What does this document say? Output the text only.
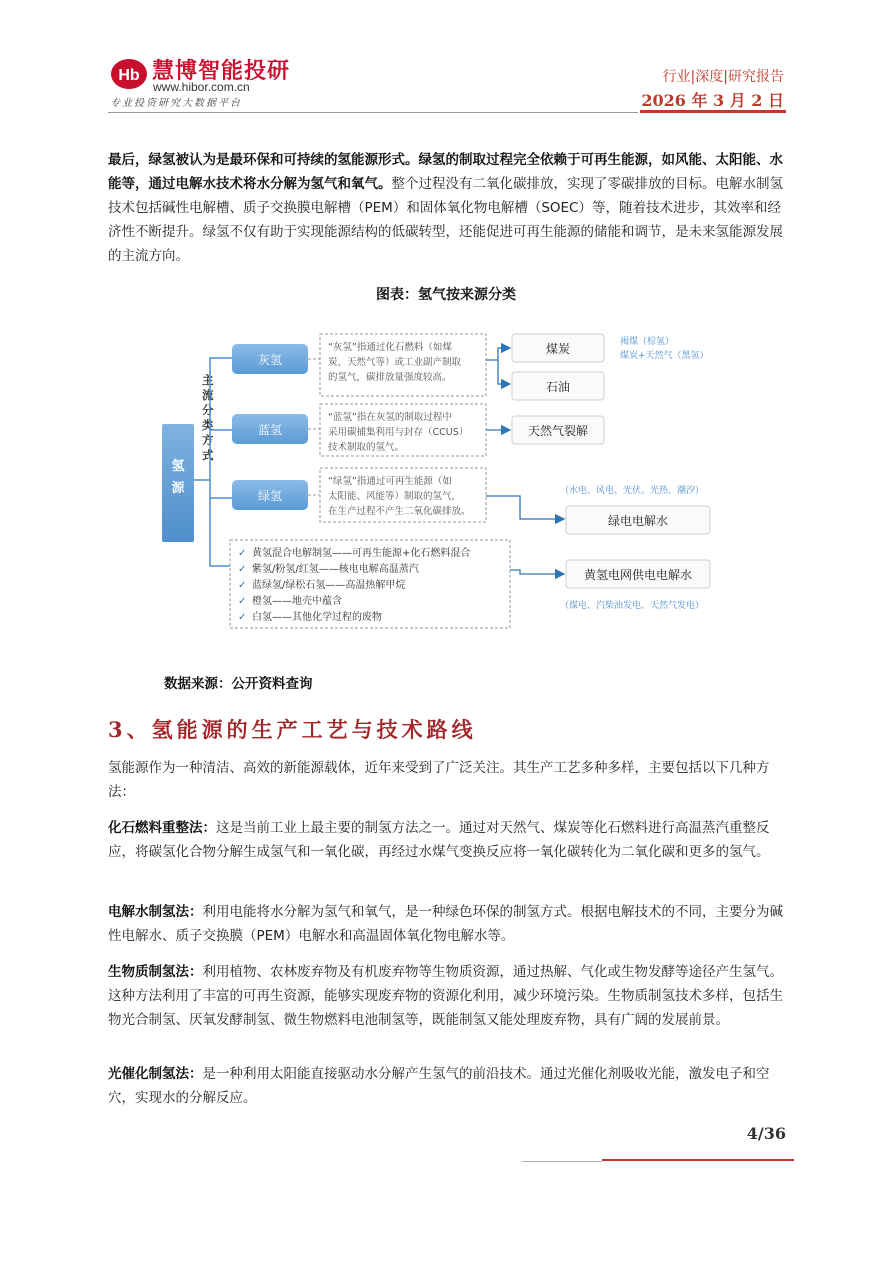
Hb 慧博智能投研
www.hibor.com.cn
专业投资研究大数据平台
行业|深度|研究报告
2026 年 3 月 2 日
最后，绿氢被认为是最环保和可持续的氢能源形式。绿氢的制取过程完全依赖于可再生能源，如风能、太阳能、水能等，通过电解水技术将水分解为氢气和氧气。整个过程没有二氧化碳排放，实现了零碳排放的目标。电解水制氢技术包括碱性电解槽、质子交换膜电解槽（PEM）和固体氧化物电解槽（SOEC）等，随着技术进步，其效率和经济性不断提升。绿氢不仅有助于实现能源结构的低碳转型，还能促进可再生能源的储能和调节，是未来氢能源发展的主流方向。
图表：氢气按来源分类
氢源
主流分类方式
灰氢
蓝氢
绿氢
“灰氢”指通过化石燃料（如煤炭、天然气等）或工业副产制取的氢气，碳排放量强度较高。
“蓝氢”指在灰氢的制取过程中采用碳捕集利用与封存（CCUS）技术制取的氢气。
“绿氢”指通过可再生能源（如太阳能、风能等）制取的氢气，在生产过程不产生二氧化碳排放。
煤炭
石油
天然气裂解
绿电电解水
黄氢电网供电电解水
褐煤（棕氢）
煤炭+天然气（黑氢）
（水电、风电、光伏、光热、潮汐）
（煤电、汽柴油发电、天然气发电）
✓ 黄氢混合电解制氢——可再生能源+化石燃料混合
✓ 紫氢/粉氢/红氢——核电电解高温蒸汽
✓ 蓝绿氢/绿松石氢——高温热解甲烷
✓ 橙氢——地壳中蕴含
✓ 白氢——其他化学过程的废物
数据来源：公开资料查询
3、氢能源的生产工艺与技术路线
氢能源作为一种清洁、高效的新能源载体，近年来受到了广泛关注。其生产工艺多种多样，主要包括以下几种方法：
化石燃料重整法：这是当前工业上最主要的制氢方法之一。通过对天然气、煤炭等化石燃料进行高温蒸汽重整反应，将碳氢化合物分解生成氢气和一氧化碳，再经过水煤气变换反应将一氧化碳转化为二氧化碳和更多的氢气。
电解水制氢法：利用电能将水分解为氢气和氧气，是一种绿色环保的制氢方式。根据电解技术的不同，主要分为碱性电解水、质子交换膜（PEM）电解水和高温固体氧化物电解水等。
生物质制氢法：利用植物、农林废弃物及有机废弃物等生物质资源，通过热解、气化或生物发酵等途径产生氢气。这种方法利用了丰富的可再生资源，能够实现废弃物的资源化利用，减少环境污染。生物质制氢技术多样，包括生物光合制氢、厌氧发酵制氢、微生物燃料电池制氢等，既能制氢又能处理废弃物，具有广阔的发展前景。
光催化制氢法：是一种利用太阳能直接驱动水分解产生氢气的前沿技术。通过光催化剂吸收光能，激发电子和空穴，实现水的分解反应。
4/36
